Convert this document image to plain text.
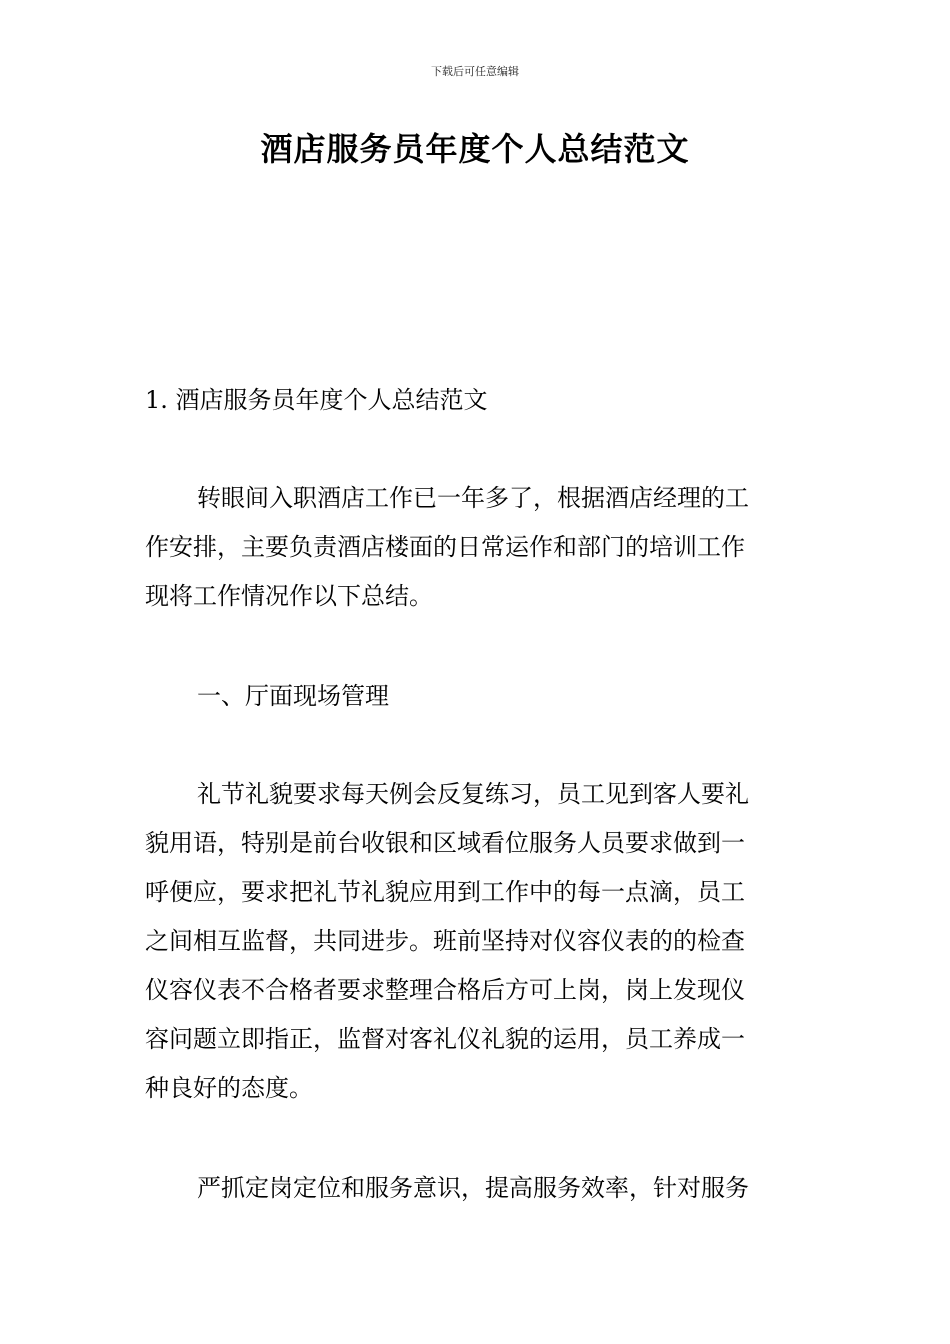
下载后可任意编辑
酒店服务员年度个人总结范文

1. 酒店服务员年度个人总结范文

转眼间入职酒店工作已一年多了，根据酒店经理的工
作安排，主要负责酒店楼面的日常运作和部门的培训工作
现将工作情况作以下总结。

一、厅面现场管理

礼节礼貌要求每天例会反复练习，员工见到客人要礼
貌用语，特别是前台收银和区域看位服务人员要求做到一
呼便应，要求把礼节礼貌应用到工作中的每一点滴，员工
之间相互监督，共同进步。班前坚持对仪容仪表的的检查
仪容仪表不合格者要求整理合格后方可上岗，岗上发现仪
容问题立即指正，监督对客礼仪礼貌的运用，员工养成一
种良好的态度。

严抓定岗定位和服务意识，提高服务效率，针对服务
